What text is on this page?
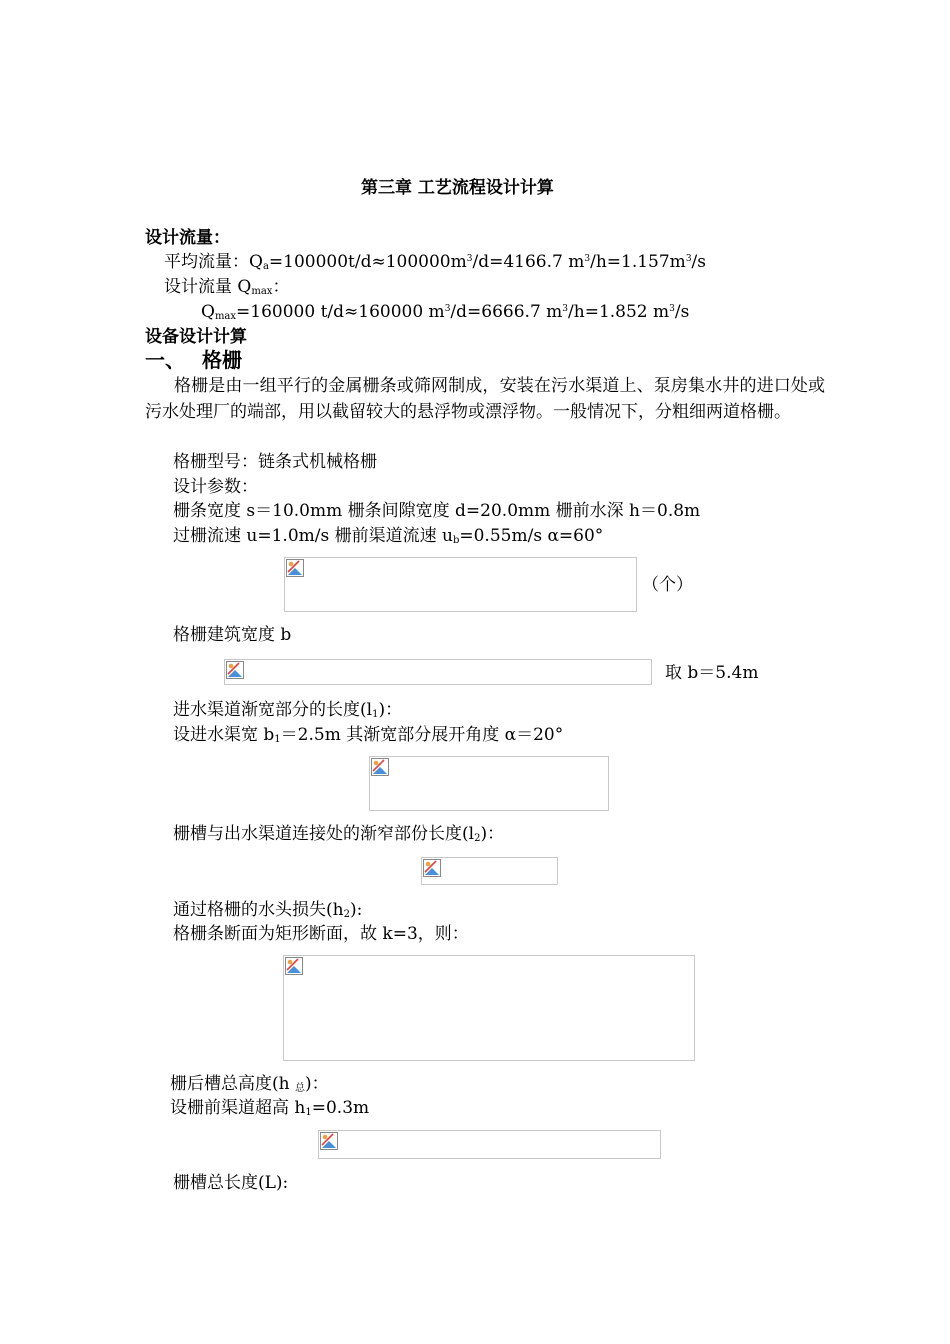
第三章 工艺流程设计计算
设计流量：
平均流量：$Q_a=100000t/d\approx 100000m^3/d=4166.7$ $m^3/h=1.157m^3/s$
设计流量 $Q_{max}$：
$Q_{max}=160000$ t/d≈160000 $m^3/d=6666.7$ $m^3/h=1.852$ $m^3/s$
设备设计计算
一、 格栅
格栅是由一组平行的金属栅条或筛网制成，安装在污水渠道上、泵房集水井的进口处或污水处理厂的端部，用以截留较大的悬浮物或漂浮物。一般情况下，分粗细两道格栅。
格栅型号：链条式机械格栅
设计参数：
栅条宽度 s＝10.0mm 栅条间隙宽度 d=20.0mm 栅前水深 h＝0.8m
过栅流速 u=1.0m/s 栅前渠道流速 $u_b=0.55m/s$ α=60°
（个）
格栅建筑宽度 b
取 b＝5.4m
进水渠道渐宽部分的长度$(l_1)$：
设进水渠宽 $b_1=2.5m$ 其渐宽部分展开角度 α＝20°
栅槽与出水渠道连接处的渐窄部份长度$(l_2)$：
通过格栅的水头损失$(h_2)$:
格栅条断面为矩形断面，故 k=3，则：
栅后槽总高度(h $_总$)：
设栅前渠道超高 $h_1=0.3m$
栅槽总长度(L):
